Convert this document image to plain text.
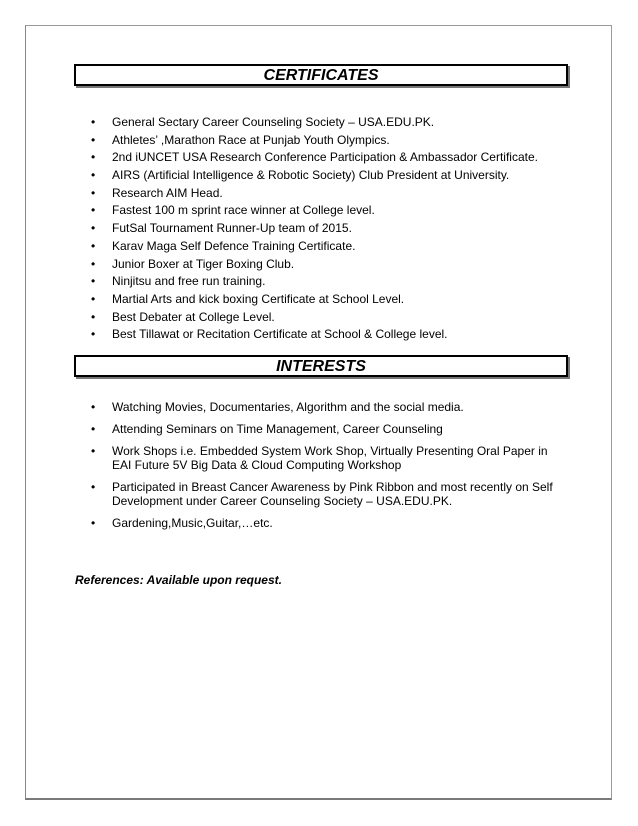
CERTIFICATES
• General Sectary Career Counseling Society – USA.EDU.PK.
• Athletes’ ,Marathon Race at Punjab Youth Olympics.
• 2nd iUNCET USA Research Conference Participation & Ambassador Certificate.
• AIRS (Artificial Intelligence & Robotic Society) Club President at University.
• Research AIM Head.
• Fastest 100 m sprint race winner at College level.
• FutSal Tournament Runner-Up team of 2015.
• Karav Maga Self Defence Training Certificate.
• Junior Boxer at Tiger Boxing Club.
• Ninjitsu and free run training.
• Martial Arts and kick boxing Certificate at School Level.
• Best Debater at College Level.
• Best Tillawat or Recitation Certificate at School & College level.
INTERESTS
• Watching Movies, Documentaries, Algorithm and the social media.
• Attending Seminars on Time Management, Career Counseling
• Work Shops i.e. Embedded System Work Shop, Virtually Presenting Oral Paper in EAI Future 5V Big Data & Cloud Computing Workshop
• Participated in Breast Cancer Awareness by Pink Ribbon and most recently on Self Development under Career Counseling Society – USA.EDU.PK.
• Gardening,Music,Guitar,…etc.
References: Available upon request.
